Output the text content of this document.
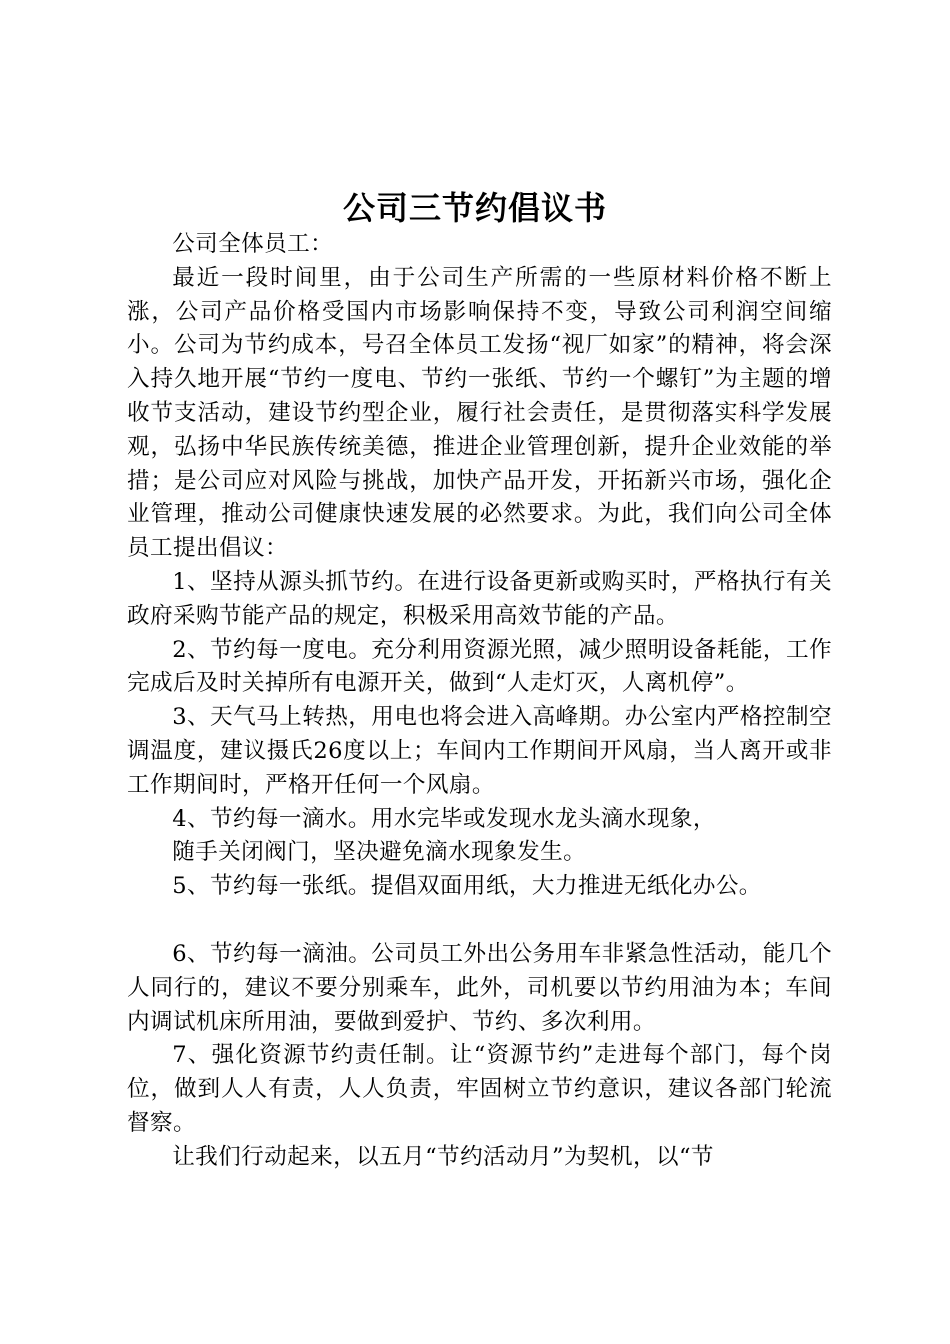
公司三节约倡议书

公司全体员工：

最近一段时间里，由于公司生产所需的一些原材料价格不断上涨，公司产品价格受国内市场影响保持不变，导致公司利润空间缩小。公司为节约成本，号召全体员工发扬“视厂如家”的精神，将会深入持久地开展“节约一度电、节约一张纸、节约一个螺钉”为主题的增收节支活动，建设节约型企业，履行社会责任，是贯彻落实科学发展观，弘扬中华民族传统美德，推进企业管理创新，提升企业效能的举措；是公司应对风险与挑战，加快产品开发，开拓新兴市场，强化企业管理，推动公司健康快速发展的必然要求。为此，我们向公司全体员工提出倡议：

1、坚持从源头抓节约。在进行设备更新或购买时，严格执行有关政府采购节能产品的规定，积极采用高效节能的产品。

2、节约每一度电。充分利用资源光照，减少照明设备耗能，工作完成后及时关掉所有电源开关，做到“人走灯灭，人离机停”。

3、天气马上转热，用电也将会进入高峰期。办公室内严格控制空调温度，建议摄氏26度以上；车间内工作期间开风扇，当人离开或非工作期间时，严格开任何一个风扇。

4、节约每一滴水。用水完毕或发现水龙头滴水现象，

随手关闭阀门，坚决避免滴水现象发生。

5、节约每一张纸。提倡双面用纸，大力推进无纸化办公。

6、节约每一滴油。公司员工外出公务用车非紧急性活动，能几个人同行的，建议不要分别乘车，此外，司机要以节约用油为本；车间内调试机床所用油，要做到爱护、节约、多次利用。

7、强化资源节约责任制。让“资源节约”走进每个部门，每个岗位，做到人人有责，人人负责，牢固树立节约意识，建议各部门轮流督察。

让我们行动起来，以五月“节约活动月”为契机，以“节
